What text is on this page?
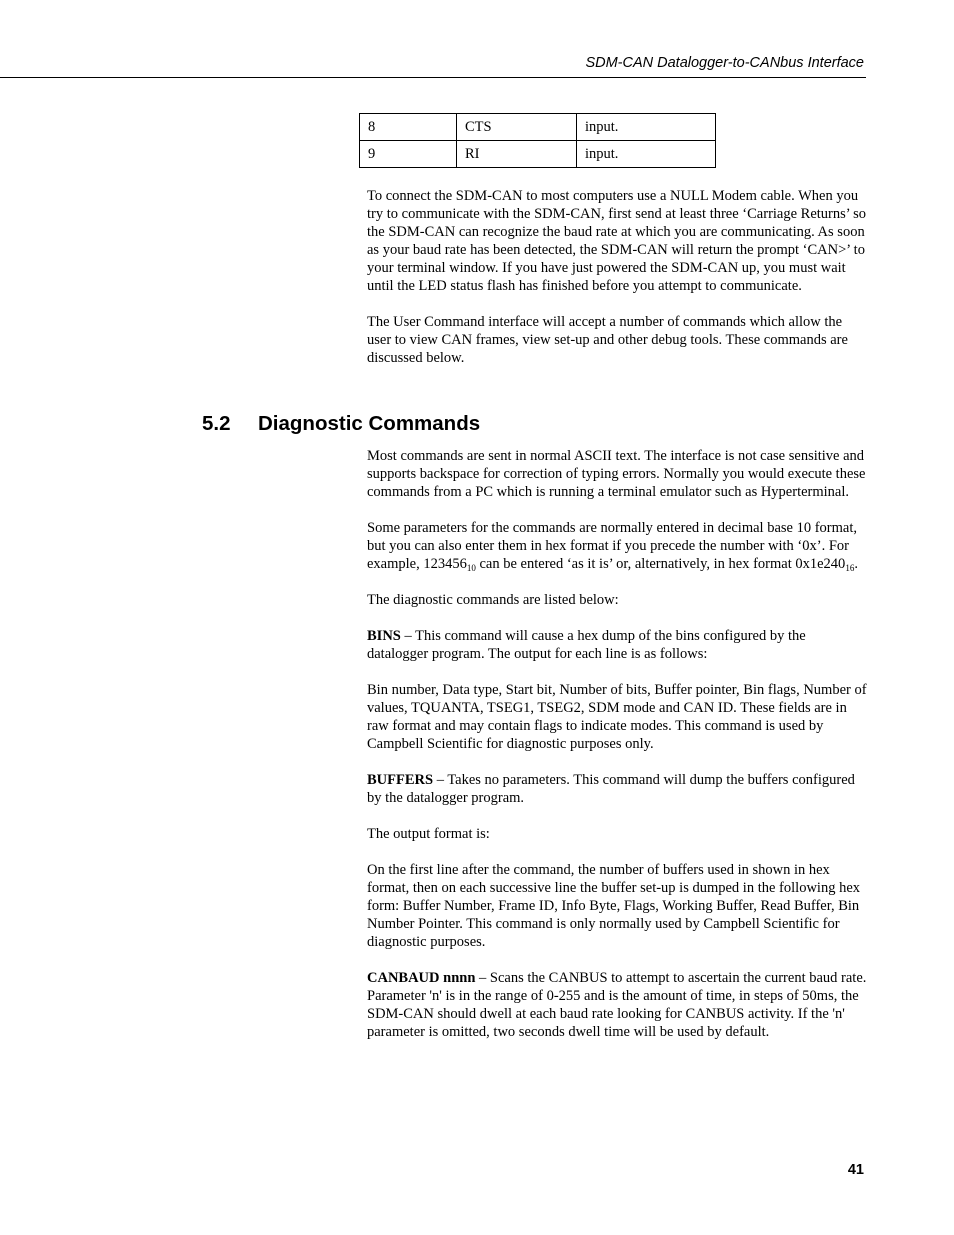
SDM-CAN Datalogger-to-CANbus Interface
8	CTS	input.
9	RI	input.

To connect the SDM-CAN to most computers use a NULL Modem cable. When you try to communicate with the SDM-CAN, first send at least three ‘Carriage Returns’ so the SDM-CAN can recognize the baud rate at which you are communicating. As soon as your baud rate has been detected, the SDM-CAN will return the prompt ‘CAN>’ to your terminal window. If you have just powered the SDM-CAN up, you must wait until the LED status flash has finished before you attempt to communicate.

The User Command interface will accept a number of commands which allow the user to view CAN frames, view set-up and other debug tools. These commands are discussed below.

5.2 Diagnostic Commands

Most commands are sent in normal ASCII text. The interface is not case sensitive and supports backspace for correction of typing errors. Normally you would execute these commands from a PC which is running a terminal emulator such as Hyperterminal.

Some parameters for the commands are normally entered in decimal base 10 format, but you can also enter them in hex format if you precede the number with ‘0x’. For example, $123456_{10}$ can be entered ‘as it is’ or, alternatively, in hex format $0x1e240_{16}$.

The diagnostic commands are listed below:

BINS – This command will cause a hex dump of the bins configured by the datalogger program. The output for each line is as follows:

Bin number, Data type, Start bit, Number of bits, Buffer pointer, Bin flags, Number of values, TQUANTA, TSEG1, TSEG2, SDM mode and CAN ID. These fields are in raw format and may contain flags to indicate modes. This command is used by Campbell Scientific for diagnostic purposes only.

BUFFERS – Takes no parameters. This command will dump the buffers configured by the datalogger program.

The output format is:

On the first line after the command, the number of buffers used in shown in hex format, then on each successive line the buffer set-up is dumped in the following hex form: Buffer Number, Frame ID, Info Byte, Flags, Working Buffer, Read Buffer, Bin Number Pointer. This command is only normally used by Campbell Scientific for diagnostic purposes.

CANBAUD nnnn – Scans the CANBUS to attempt to ascertain the current baud rate. Parameter 'n' is in the range of 0-255 and is the amount of time, in steps of 50ms, the SDM-CAN should dwell at each baud rate looking for CANBUS activity. If the 'n' parameter is omitted, two seconds dwell time will be used by default.

41
